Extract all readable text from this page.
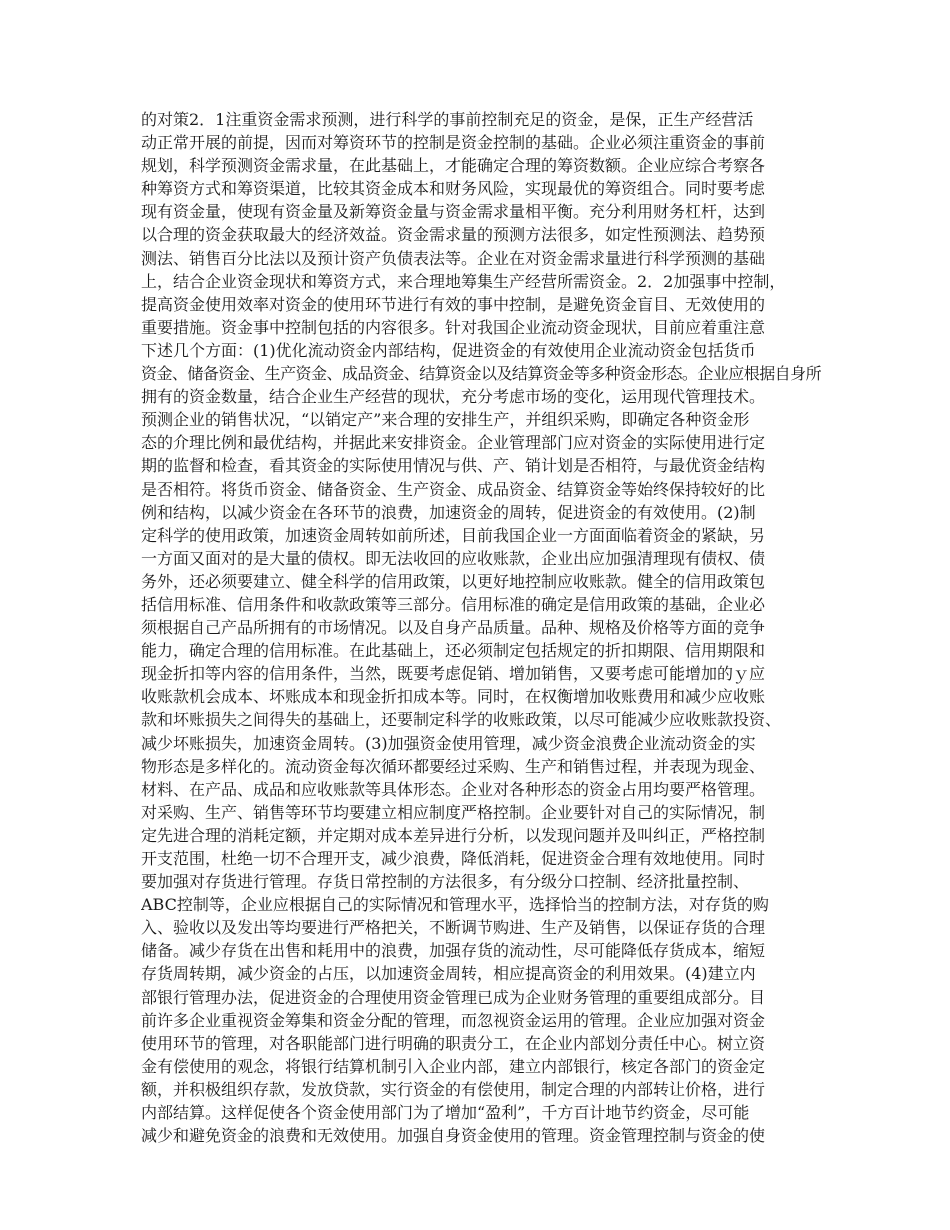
的对策2．1注重资金需求预测，进行科学的事前控制充足的资金，是保，正生产经营活
动正常开展的前提，因而对筹资环节的控制是资金控制的基础。企业必须注重资金的事前
规划，科学预测资金需求量，在此基础上，才能确定合理的筹资数额。企业应综合考察各
种筹资方式和筹资渠道，比较其资金成本和财务风险，实现最优的筹资组合。同时要考虑
现有资金量，使现有资金量及新筹资金量与资金需求量相平衡。充分利用财务杠杆，达到
以合理的资金获取最大的经济效益。资金需求量的预测方法很多，如定性预测法、趋势预
测法、销售百分比法以及预计资产负债表法等。企业在对资金需求量进行科学预测的基础
上，结合企业资金现状和筹资方式，来合理地筹集生产经营所需资金。2．2加强事中控制，
提高资金使用效率对资金的使用环节进行有效的事中控制，是避免资金盲目、无效使用的
重要措施。资金事中控制包括的内容很多。针对我国企业流动资金现状，目前应着重注意
下述几个方面：(1)优化流动资金内部结构，促进资金的有效使用企业流动资金包括货币
资金、储备资金、生产资金、成品资金、结算资金以及结算资金等多种资金形态。企业应根据自身所
拥有的资金数量，结合企业生产经营的现状，充分考虑市场的变化，运用现代管理技术。
预测企业的销售状况，“以销定产”来合理的安排生产，并组织采购，即确定各种资金形
态的介理比例和最优结构，并据此来安排资金。企业管理部门应对资金的实际使用进行定
期的监督和检查，看其资金的实际使用情况与供、产、销计划是否相符，与最优资金结构
是否相符。将货币资金、储备资金、生产资金、成品资金、结算资金等始终保持较好的比
例和结构，以减少资金在各环节的浪费，加速资金的周转，促进资金的有效使用。(2)制
定科学的使用政策，加速资金周转如前所述，目前我国企业一方面面临着资金的紧缺，另
一方面又面对的是大量的债权。即无法收回的应收账款，企业出应加强清理现有债权、债
务外，还必须要建立、健全科学的信用政策，以更好地控制应收账款。健全的信用政策包
括信用标准、信用条件和收款政策等三部分。信用标准的确定是信用政策的基础，企业必
须根据自己产品所拥有的市场情况。以及自身产品质量。品种、规格及价格等方面的竞争
能力，确定合理的信用标准。在此基础上，还必须制定包括规定的折扣期限、信用期限和
现金折扣等内容的信用条件，当然，既要考虑促销、增加销售，又要考虑可能增加的ｙ应
收账款机会成本、坏账成本和现金折扣成本等。同时，在权衡增加收账费用和减少应收账
款和坏账损失之间得失的基础上，还要制定科学的收账政策，以尽可能减少应收账款投资、
减少坏账损失，加速资金周转。(3)加强资金使用管理，减少资金浪费企业流动资金的实
物形态是多样化的。流动资金每次循环都要经过采购、生产和销售过程，并表现为现金、
材料、在产品、成品和应收账款等具体形态。企业对各种形态的资金占用均要严格管理。
对采购、生产、销售等环节均要建立相应制度严格控制。企业要针对自己的实际情况，制
定先进合理的消耗定额，并定期对成本差异进行分析，以发现问题并及叫纠正，严格控制
开支范围，杜绝一切不合理开支，减少浪费，降低消耗，促进资金合理有效地使用。同时
要加强对存货进行管理。存货日常控制的方法很多，有分级分口控制、经济批量控制、
ABC控制等，企业应根据自己的实际情况和管理水平，选择恰当的控制方法，对存货的购
入、验收以及发出等均要进行严格把关，不断调节购进、生产及销售，以保证存货的合理
储备。减少存货在出售和耗用中的浪费，加强存货的流动性，尽可能降低存货成本，缩短
存货周转期，减少资金的占压，以加速资金周转，相应提高资金的利用效果。(4)建立内
部银行管理办法，促进资金的合理使用资金管理已成为企业财务管理的重要组成部分。目
前许多企业重视资金筹集和资金分配的管理，而忽视资金运用的管理。企业应加强对资金
使用环节的管理，对各职能部门进行明确的职责分工，在企业内部划分责任中心。树立资
金有偿使用的观念，将银行结算机制引入企业内部，建立内部银行，核定各部门的资金定
额，并积极组织存款，发放贷款，实行资金的有偿使用，制定合理的内部转让价格，进行
内部结算。这样促使各个资金使用部门为了增加“盈利”，千方百计地节约资金，尽可能
减少和避免资金的浪费和无效使用。加强自身资金使用的管理。资金管理控制与资金的使
